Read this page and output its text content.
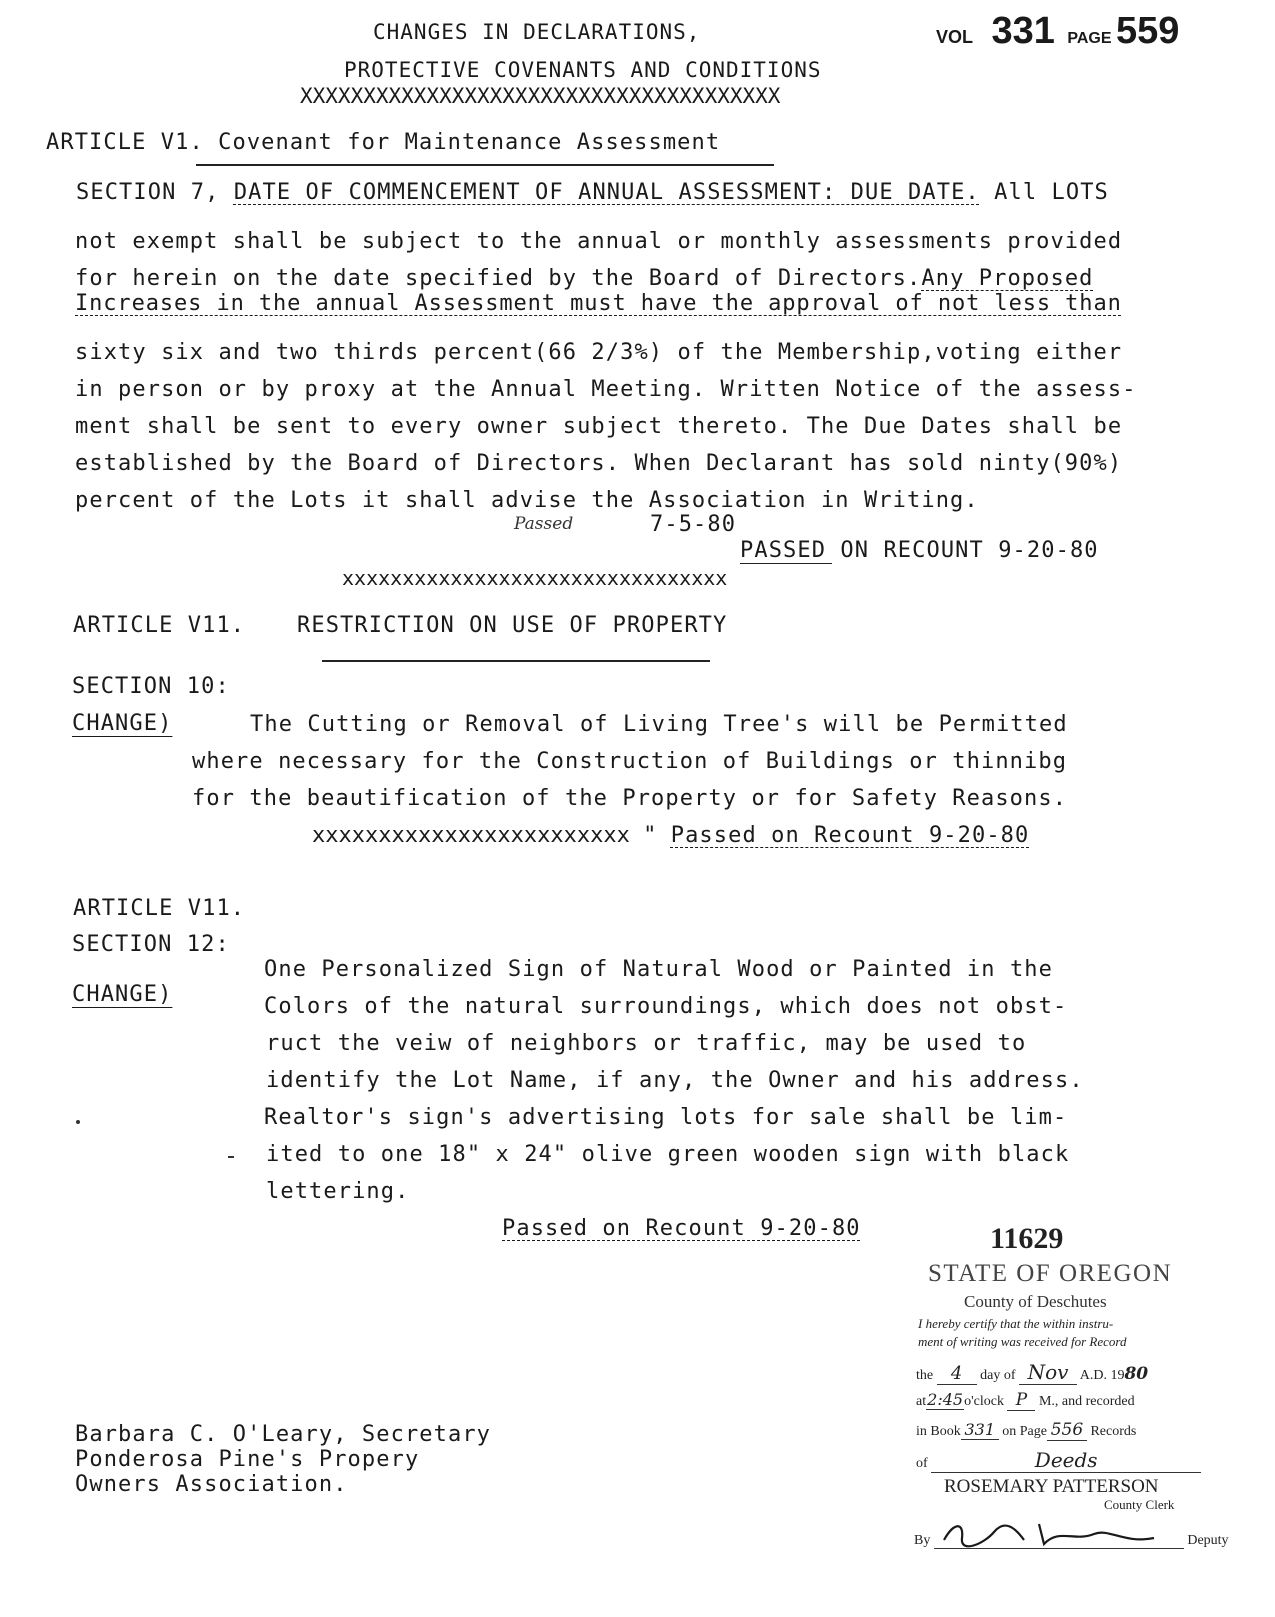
CHANGES IN DECLARATIONS,
PROTECTIVE COVENANTS AND CONDITIONS
XXXXXXXXXXXXXXXXXXXXXXXXXXXXXXXXXXXXXX
VOL 331 PAGE 559
ARTICLE V1. Covenant for Maintenance Assessment
SECTION 7, DATE OF COMMENCEMENT OF ANNUAL ASSESSMENT: DUE DATE. All LOTS
not exempt shall be subject to the annual or monthly assessments provided
for herein on the date specified by the Board of Directors.Any Proposed
Increases in the annual Assessment must have the approval of not less than
sixty six and two thirds percent(66 2/3%) of the Membership,voting either
in person or by proxy at the Annual Meeting. Written Notice of the assess-
ment shall be sent to every owner subject thereto. The Due Dates shall be
established by the Board of Directors. When Declarant has sold ninty(90%)
percent of the Lots it shall advise the Association in Writing.
Passed	7-5-80
PASSED ON RECOUNT 9-20-80
xxxxxxxxxxxxxxxxxxxxxxxxxxxxxxxx
ARTICLE V11. RESTRICTION ON USE OF PROPERTY
SECTION 10:
CHANGE)	The Cutting or Removal of Living Tree's will be Permitted
where necessary for the Construction of Buildings or thinnibg
for the beautification of the Property or for Safety Reasons.
xxxxxxxxxxxxxxxxxxxxxxxx " Passed on Recount 9-20-80
ARTICLE V11.
SECTION 12:
CHANGE)
One Personalized Sign of Natural Wood or Painted in the
Colors of the natural surroundings, which does not obst-
ruct the veiw of neighbors or traffic, may be used to
identify the Lot Name, if any, the Owner and his address.
Realtor's sign's advertising lots for sale shall be lim-
ited to one 18" x 24" olive green wooden sign with black
lettering.
Passed on Recount 9-20-80
Barbara C. O'Leary, Secretary
Ponderosa Pine's Propery
Owners Association.
11629
STATE OF OREGON
County of Deschutes
I hereby certify that the within instru-
ment of writing was received for Record
the 4 day of Nov A.D. 1980
at2:45o'clock P M., and recorded
in Book 331 on Page 556 Records
of	Deeds
ROSEMARY PATTERSON
County Clerk
By	Deputy
